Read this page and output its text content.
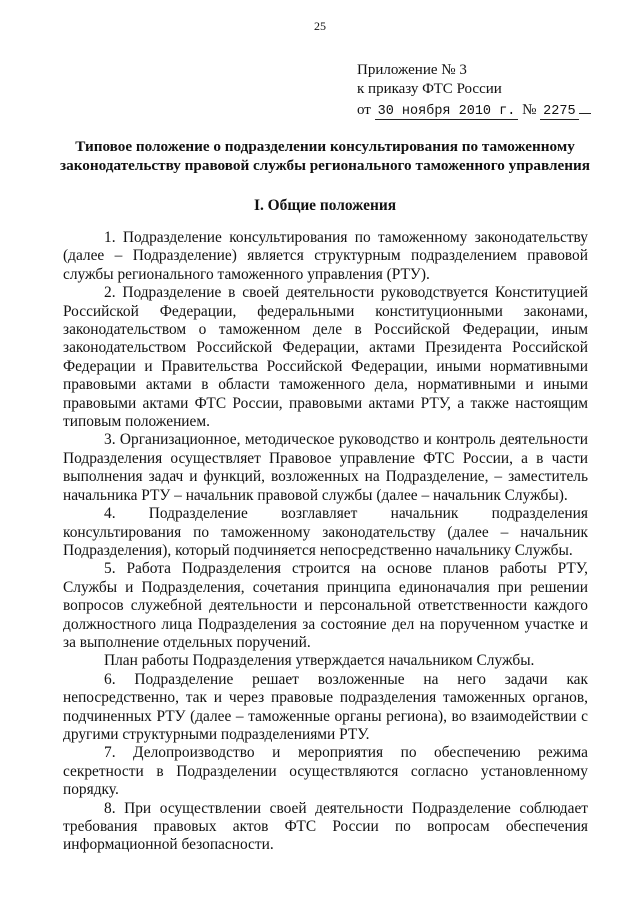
25
Приложение № 3
к приказу ФТС России
от 30 ноября 2010 г. № 2275
Типовое положение о подразделении консультирования по таможенному законодательству правовой службы регионального таможенного управления
I. Общие положения

1. Подразделение консультирования по таможенному законодательству (далее – Подразделение) является структурным подразделением правовой службы регионального таможенного управления (РТУ).

2. Подразделение в своей деятельности руководствуется Конституцией Российской Федерации, федеральными конституционными законами, законодательством о таможенном деле в Российской Федерации, иным законодательством Российской Федерации, актами Президента Российской Федерации и Правительства Российской Федерации, иными нормативными правовыми актами в области таможенного дела, нормативными и иными правовыми актами ФТС России, правовыми актами РТУ, а также настоящим типовым положением.

3. Организационное, методическое руководство и контроль деятельности Подразделения осуществляет Правовое управление ФТС России, а в части выполнения задач и функций, возложенных на Подразделение, – заместитель начальника РТУ – начальник правовой службы (далее – начальник Службы).

4. Подразделение возглавляет начальник подразделения консультирования по таможенному законодательству (далее – начальник Подразделения), который подчиняется непосредственно начальнику Службы.

5. Работа Подразделения строится на основе планов работы РТУ, Службы и Подразделения, сочетания принципа единоначалия при решении вопросов служебной деятельности и персональной ответственности каждого должностного лица Подразделения за состояние дел на порученном участке и за выполнение отдельных поручений.

План работы Подразделения утверждается начальником Службы.

6. Подразделение решает возложенные на него задачи как непосредственно, так и через правовые подразделения таможенных органов, подчиненных РТУ (далее – таможенные органы региона), во взаимодействии с другими структурными подразделениями РТУ.

7. Делопроизводство и мероприятия по обеспечению режима секретности в Подразделении осуществляются согласно установленному порядку.

8. При осуществлении своей деятельности Подразделение соблюдает требования правовых актов ФТС России по вопросам обеспечения информационной безопасности.
